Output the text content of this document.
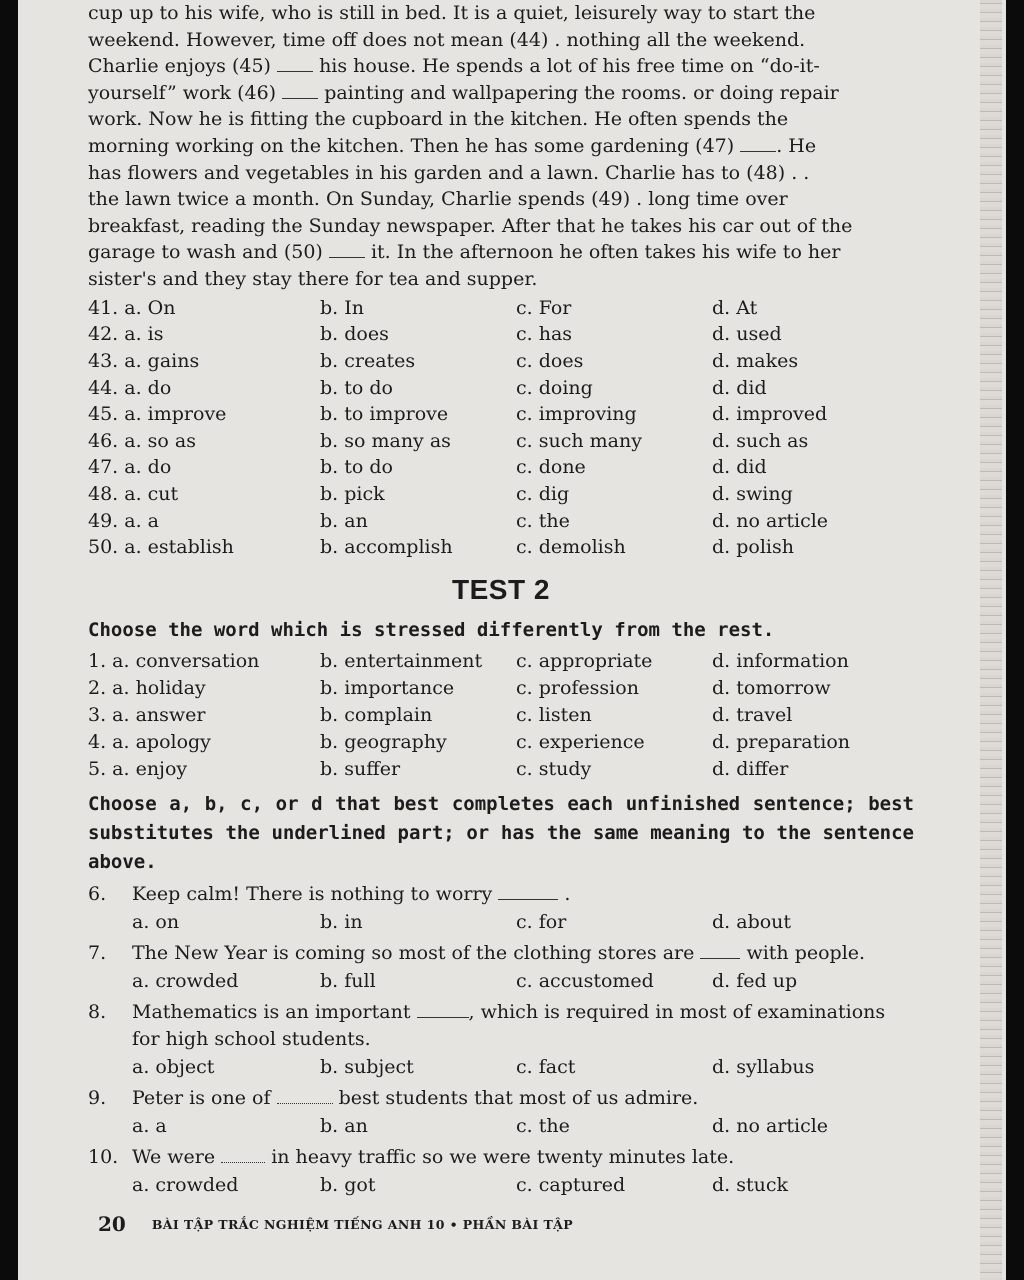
cup up to his wife, who is still in bed. It is a quiet, leisurely way to start the
weekend. However, time off does not mean (44) . nothing all the weekend.
Charlie enjoys (45)	his house. He spends a lot of his free time on “do-it-
yourself” work (46)	painting and wallpapering the rooms. or doing repair
work. Now he is fitting the cupboard in the kitchen. He often spends the
morning working on the kitchen. Then he has some gardening (47) . He
has flowers and vegetables in his garden and a lawn. Charlie has to (48) . .
the lawn twice a month. On Sunday, Charlie spends (49) . long time over
breakfast, reading the Sunday newspaper. After that he takes his car out of the
garage to wash and (50)	it. In the afternoon he often takes his wife to her
sister's and they stay there for tea and supper.
41. a. On	b. In	c. For	d. At
42. a. is	b. does	c. has	d. used
43. a. gains	b. creates	c. does	d. makes
44. a. do	b. to do	c. doing	d. did
45. a. improve	b. to improve	c. improving	d. improved
46. a. so as	b. so many as	c. such many	d. such as
47. a. do	b. to do	c. done	d. did
48. a. cut	b. pick	c. dig	d. swing
49. a. a	b. an	c. the	d. no article
50. a. establish	b. accomplish	c. demolish	d. polish
TEST 2
Choose the word which is stressed differently from the rest.
1. a. conversation	b. entertainment	c. appropriate	d. information
2. a. holiday	b. importance	c. profession	d. tomorrow
3. a. answer	b. complain	c. listen	d. travel
4. a. apology	b. geography	c. experience	d. preparation
5. a. enjoy	b. suffer	c. study	d. differ
Choose a, b, c, or d that best completes each unfinished sentence; best substitutes the underlined part; or has the same meaning to the sentence above.
6.	Keep calm! There is nothing to worry	.
a. on	b. in	c. for	d. about
7.	The New Year is coming so most of the clothing stores are	with people.
a. crowded	b. full	c. accustomed	d. fed up
8.	Mathematics is an important	, which is required in most of examinations for high school students.
a. object	b. subject	c. fact	d. syllabus
9.	Peter is one of	best students that most of us admire.
a. a	b. an	c. the	d. no article
10. We were	in heavy traffic so we were twenty minutes late.
a. crowded	b. got	c. captured	d. stuck
20 BÀI TẬP TRẮC NGHIỆM TIẾNG ANH 10 • PHẦN BÀI TẬP
